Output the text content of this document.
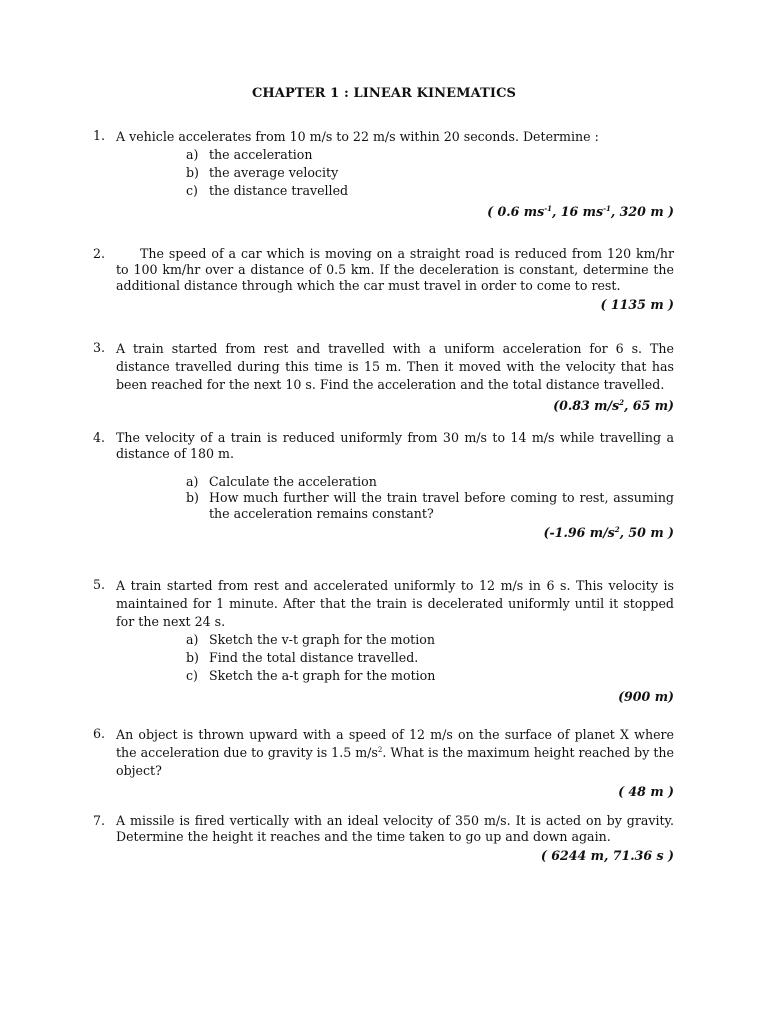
CHAPTER 1 : LINEAR KINEMATICS
1. A vehicle accelerates from 10 m/s to 22 m/s within 20 seconds. Determine :

a) the acceleration
b) the average velocity
c) the distance travelled
( 0.6 $ms^{-1}$, 16 $ms^{-1}$, 320 m )
2.	The speed of a car which is moving on a straight road is reduced from 120 km/hr to 100 km/hr over a distance of 0.5 km. If the deceleration is constant, determine the additional distance through which the car must travel in order to come to rest.

( 1135 m )
3. A train started from rest and travelled with a uniform acceleration for 6 s. The distance travelled during this time is 15 m. Then it moved with the velocity that has been reached for the next 10 s. Find the acceleration and the total distance travelled.

(0.83 $m/s^2$, 65 m)
4. The velocity of a train is reduced uniformly from 30 m/s to 14 m/s while travelling a distance of 180 m.

a) Calculate the acceleration
b) How much further will the train travel before coming to rest, assuming the acceleration remains constant?
(-1.96 $m/s^2$, 50 m )
5. A train started from rest and accelerated uniformly to 12 m/s in 6 s. This velocity is maintained for 1 minute. After that the train is decelerated uniformly until it stopped for the next 24 s.

a) Sketch the v-t graph for the motion
b) Find the total distance travelled.
c) Sketch the a-t graph for the motion
(900 m)
6. An object is thrown upward with a speed of 12 m/s on the surface of planet X where the acceleration due to gravity is 1.5 $m/s^2$. What is the maximum height reached by the object?

( 48 m )
7. A missile is fired vertically with an ideal velocity of 350 m/s. It is acted on by gravity. Determine the height it reaches and the time taken to go up and down again.

( 6244 m, 71.36 s )
